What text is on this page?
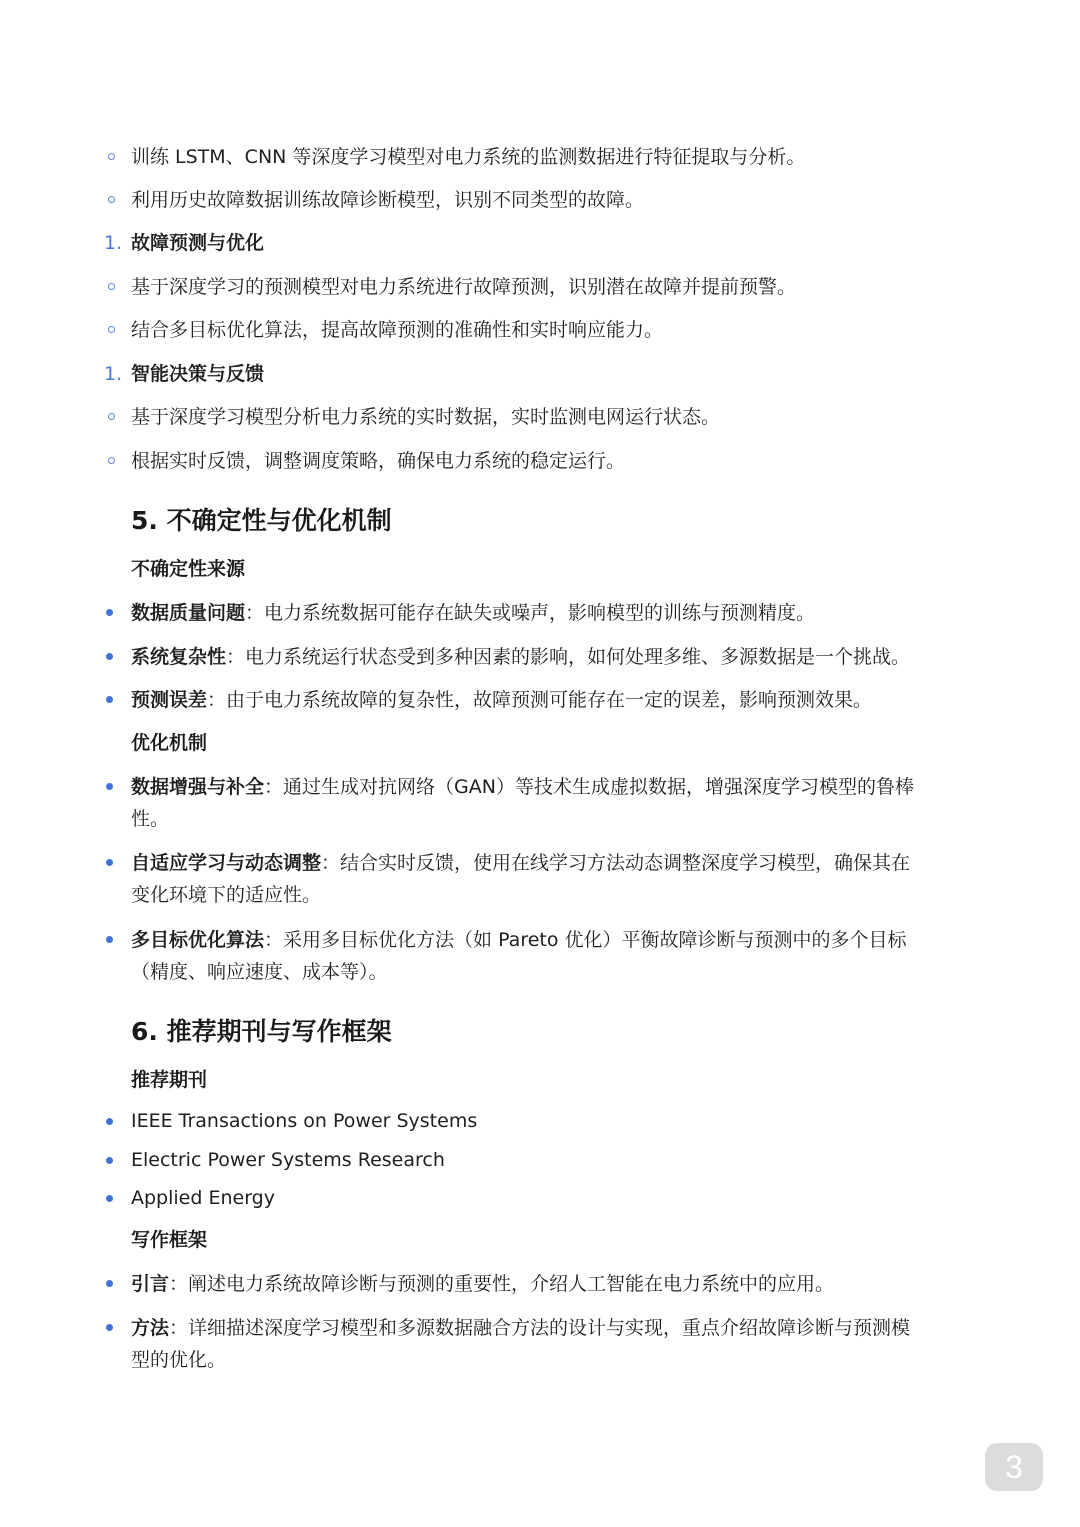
训练 LSTM、CNN 等深度学习模型对电力系统的监测数据进行特征提取与分析。
利用历史故障数据训练故障诊断模型，识别不同类型的故障。
1. 故障预测与优化
基于深度学习的预测模型对电力系统进行故障预测，识别潜在故障并提前预警。
结合多目标优化算法，提高故障预测的准确性和实时响应能力。
1. 智能决策与反馈
基于深度学习模型分析电力系统的实时数据，实时监测电网运行状态。
根据实时反馈，调整调度策略，确保电力系统的稳定运行。
5. 不确定性与优化机制
不确定性来源
数据质量问题：电力系统数据可能存在缺失或噪声，影响模型的训练与预测精度。
系统复杂性：电力系统运行状态受到多种因素的影响，如何处理多维、多源数据是一个挑战。
预测误差：由于电力系统故障的复杂性，故障预测可能存在一定的误差，影响预测效果。
优化机制
数据增强与补全：通过生成对抗网络（GAN）等技术生成虚拟数据，增强深度学习模型的鲁棒
性。
自适应学习与动态调整：结合实时反馈，使用在线学习方法动态调整深度学习模型，确保其在
变化环境下的适应性。
多目标优化算法：采用多目标优化方法（如 Pareto 优化）平衡故障诊断与预测中的多个目标
（精度、响应速度、成本等）。
6. 推荐期刊与写作框架
推荐期刊
IEEE Transactions on Power Systems
Electric Power Systems Research
Applied Energy
写作框架
引言：阐述电力系统故障诊断与预测的重要性，介绍人工智能在电力系统中的应用。
方法：详细描述深度学习模型和多源数据融合方法的设计与实现，重点介绍故障诊断与预测模
型的优化。
3
